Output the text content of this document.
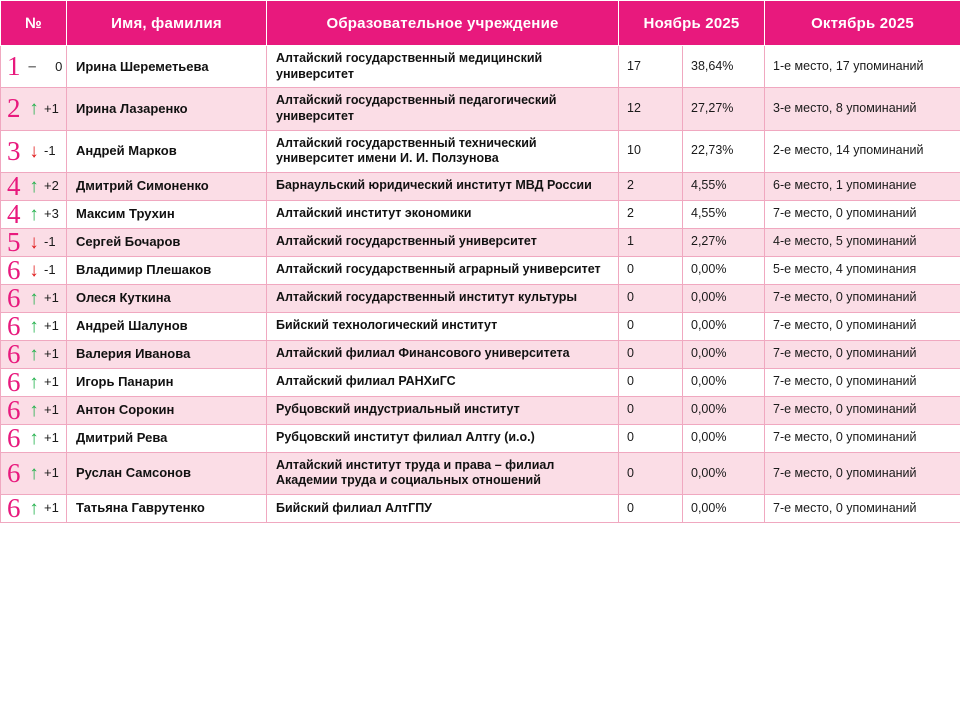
№	Имя, фамилия	Образовательное учреждение	Ноябрь 2025		Октябрь 2025

1 – 0	Ирина Шереметьева	Алтайский государственный медицинский университет	17	38,64%	1-е место, 17 упоминаний

2 ↑ +1	Ирина Лазаренко	Алтайский государственный педагогический университет	12	27,27%	3-е место, 8 упоминаний

3 ↓ -1	Андрей Марков	Алтайский государственный технический университет имени И. И. Ползунова	10	22,73%	2-е место, 14 упоминаний

4 ↑ +2	Дмитрий Симоненко	Барнаульский юридический институт МВД России	2	4,55%	6-е место, 1 упоминание

4 ↑ +3	Максим Трухин	Алтайский институт экономики	2	4,55%	7-е место, 0 упоминаний

5 ↓ -1	Сергей Бочаров	Алтайский государственный университет	1	2,27%	4-е место, 5 упоминаний

6 ↓ -1	Владимир Плешаков	Алтайский государственный аграрный университет	0	0,00%	5-е место, 4 упоминания

6 ↑ +1	Олеся Куткина	Алтайский государственный институт культуры	0	0,00%	7-е место, 0 упоминаний

6 ↑ +1	Андрей Шалунов	Бийский технологический институт	0	0,00%	7-е место, 0 упоминаний

6 ↑ +1	Валерия Иванова	Алтайский филиал Финансового университета	0	0,00%	7-е место, 0 упоминаний

6 ↑ +1	Игорь Панарин	Алтайский филиал РАНХиГС	0	0,00%	7-е место, 0 упоминаний

6 ↑ +1	Антон Сорокин	Рубцовский индустриальный институт	0	0,00%	7-е место, 0 упоминаний

6 ↑ +1	Дмитрий Рева	Рубцовский институт филиал Алтгу (и.о.)	0	0,00%	7-е место, 0 упоминаний

6 ↑ +1	Руслан Самсонов	Алтайский институт труда и права – филиал Академии труда и социальных отношений	0	0,00%	7-е место, 0 упоминаний

6 ↑ +1	Татьяна Гаврутенко	Бийский филиал АлтГПУ	0	0,00%	7-е место, 0 упоминаний
